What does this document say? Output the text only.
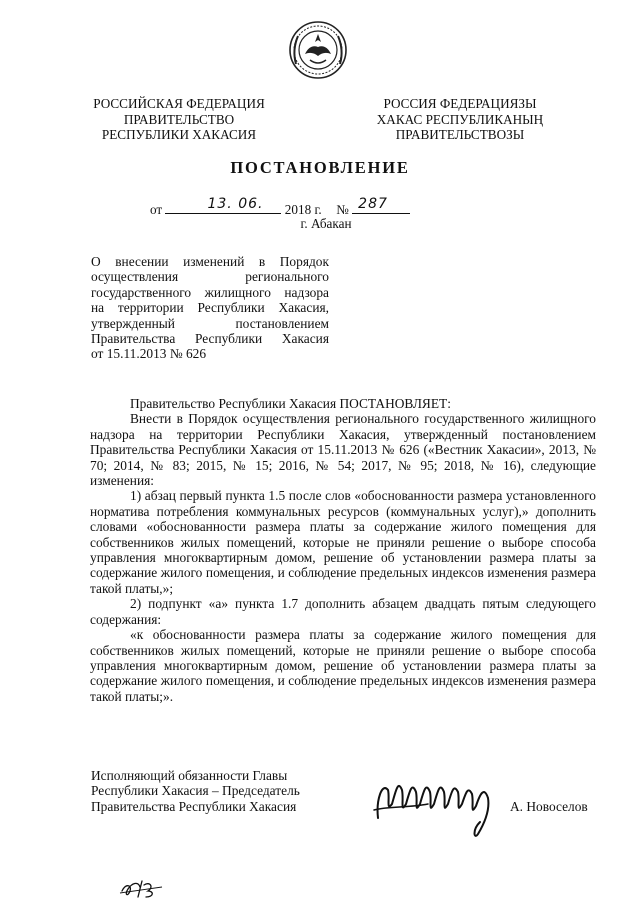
РОССИЙСКАЯ ФЕДЕРАЦИЯ
ПРАВИТЕЛЬСТВО
РЕСПУБЛИКИ ХАКАСИЯ
РОССИЯ ФЕДЕРАЦИЯЗЫ
ХАКАС РЕСПУБЛИКАНЫҢ
ПРАВИТЕЛЬСТВОЗЫ
ПОСТАНОВЛЕНИЕ
от	13. 06. 2018 г. № 287
г. Абакан
О внесении изменений в Порядок
осуществления регионального
государственного жилищного надзора
на территории Республики Хакасия,
утвержденный постановлением
Правительства Республики Хакасия
от 15.11.2013 № 626

Правительство Республики Хакасия ПОСТАНОВЛЯЕТ:

Внести в Порядок осуществления регионального государственного жилищного надзора на территории Республики Хакасия, утвержденный постановлением Правительства Республики Хакасия от 15.11.2013 № 626 («Вестник Хакасии», 2013, № 70; 2014, № 83; 2015, № 15; 2016, № 54; 2017, № 95; 2018, № 16), следующие изменения:

1) абзац первый пункта 1.5 после слов «обоснованности размера установленного норматива потребления коммунальных ресурсов (коммунальных услуг),» дополнить словами «обоснованности размера платы за содержание жилого помещения для собственников жилых помещений, которые не приняли решение о выборе способа управления многоквартирным домом, решение об установлении размера платы за содержание жилого помещения, и соблюдение предельных индексов изменения размера такой платы,»;

2) подпункт «а» пункта 1.7 дополнить абзацем двадцать пятым следующего содержания:

«к обоснованности размера платы за содержание жилого помещения для собственников жилых помещений, которые не приняли решение о выборе способа управления многоквартирным домом, решение об установлении размера платы за содержание жилого помещения, и соблюдение предельных индексов изменения размера такой платы;».

Исполняющий обязанности Главы
Республики Хакасия – Председатель
Правительства Республики Хакасия	А. Новоселов
